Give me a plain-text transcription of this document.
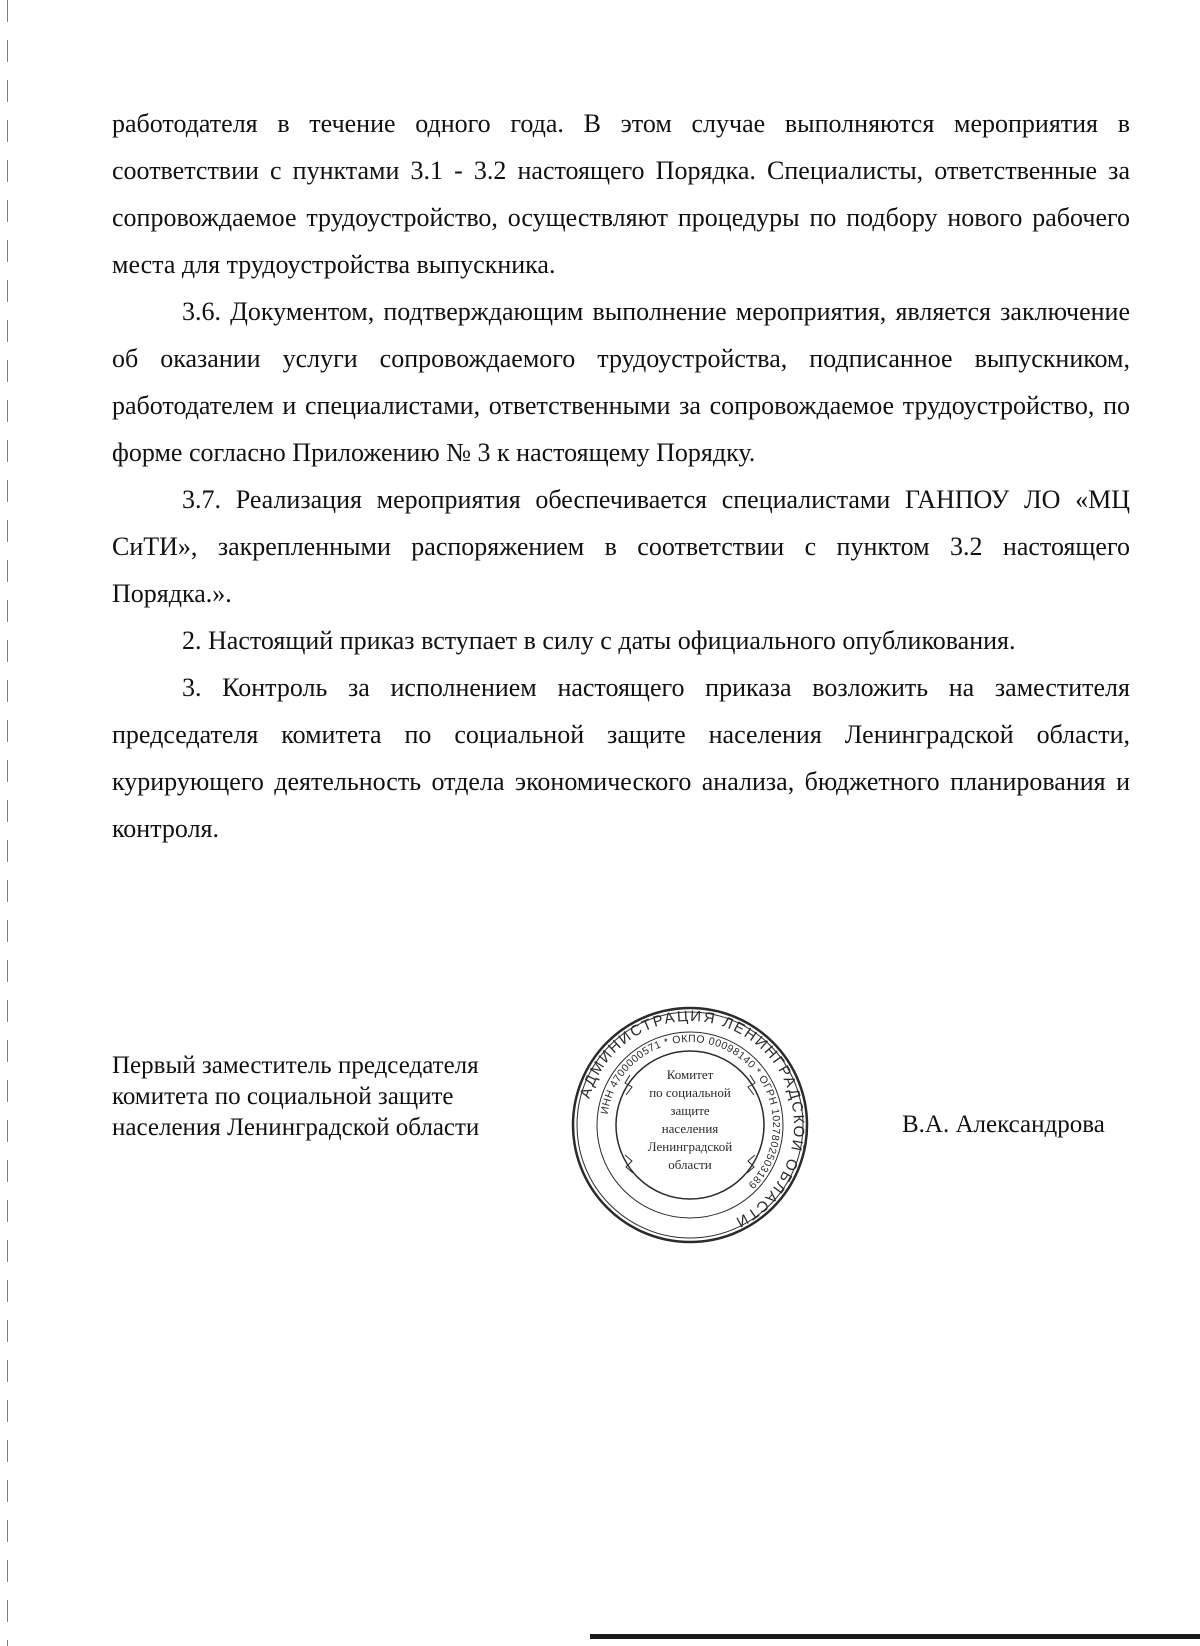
работодателя в течение одного года. В этом случае выполняются мероприятия в соответствии с пунктами 3.1 - 3.2 настоящего Порядка. Специалисты, ответственные за сопровождаемое трудоустройство, осуществляют процедуры по подбору нового рабочего места для трудоустройства выпускника.

3.6. Документом, подтверждающим выполнение мероприятия, является заключение об оказании услуги сопровождаемого трудоустройства, подписанное выпускником, работодателем и специалистами, ответственными за сопровождаемое трудоустройство, по форме согласно Приложению № 3 к настоящему Порядку.

3.7. Реализация мероприятия обеспечивается специалистами ГАНПОУ ЛО «МЦ СиТИ», закрепленными распоряжением в соответствии с пунктом 3.2 настоящего Порядка.».

2. Настоящий приказ вступает в силу с даты официального опубликования.

3. Контроль за исполнением настоящего приказа возложить на заместителя председателя комитета по социальной защите населения Ленинградской области, курирующего деятельность отдела экономического анализа, бюджетного планирования и контроля.

Первый заместитель председателя
комитета по социальной защите
населения Ленинградской области
АДМИНИСТРАЦИЯ ЛЕНИНГРАДСКОЙ ОБЛАСТИ
ИНН 4700000571 * ОКПО 00098140 * ОГРН 1027802503189
Комитет
по социальной
защите
населения
Ленинградской
области
В.А. Александрова
